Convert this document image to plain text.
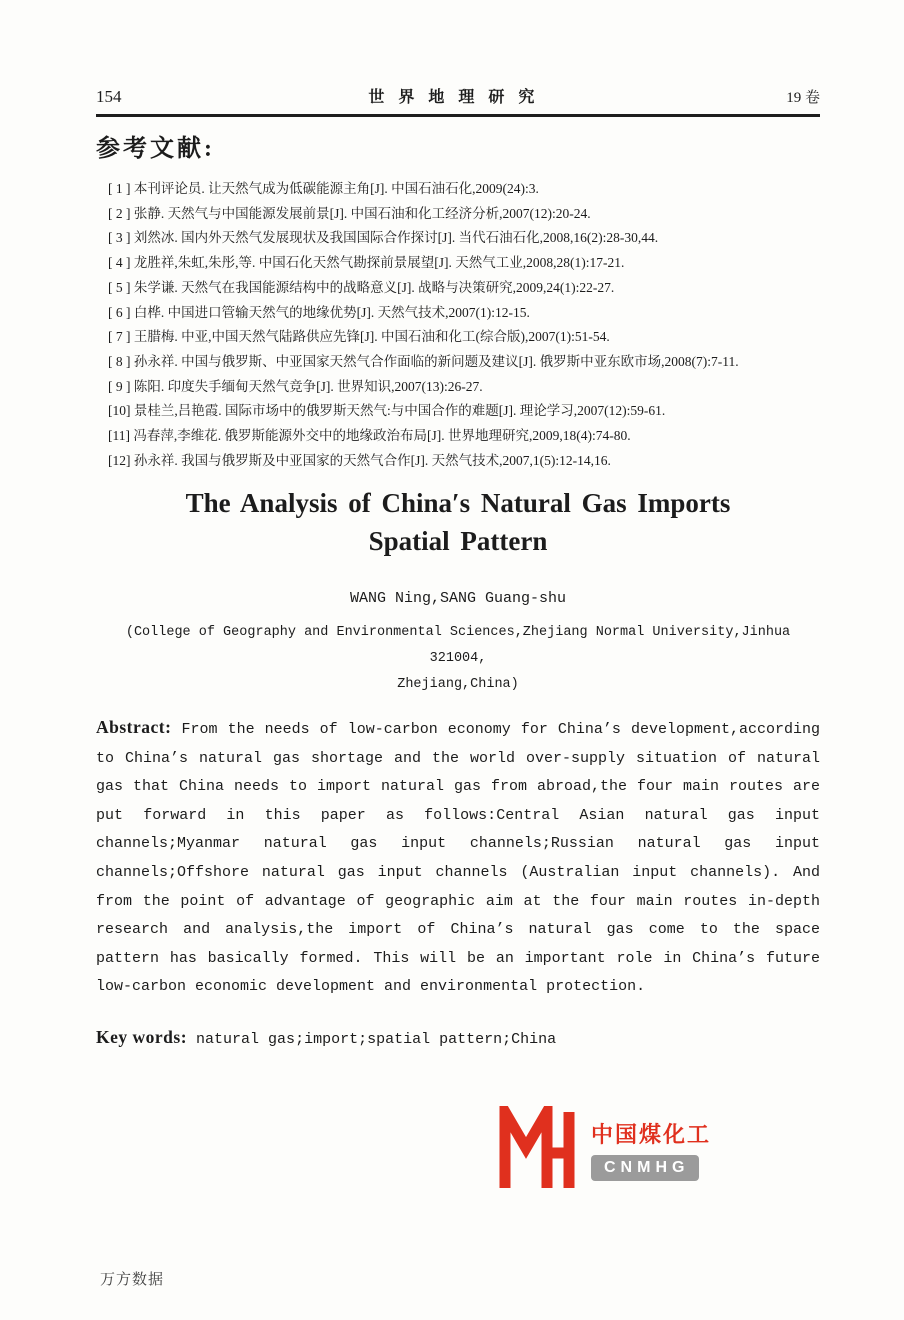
154	世 界 地 理 研 究	19 卷
参考文献:
[ 1 ] 本刊评论员. 让天然气成为低碳能源主角[J]. 中国石油石化,2009(24):3.
[ 2 ] 张静. 天然气与中国能源发展前景[J]. 中国石油和化工经济分析,2007(12):20-24.
[ 3 ] 刘然冰. 国内外天然气发展现状及我国国际合作探讨[J]. 当代石油石化,2008,16(2):28-30,44.
[ 4 ] 龙胜祥,朱虹,朱彤,等. 中国石化天然气勘探前景展望[J]. 天然气工业,2008,28(1):17-21.
[ 5 ] 朱学谦. 天然气在我国能源结构中的战略意义[J]. 战略与决策研究,2009,24(1):22-27.
[ 6 ] 白桦. 中国进口管输天然气的地缘优势[J]. 天然气技术,2007(1):12-15.
[ 7 ] 王腊梅. 中亚,中国天然气陆路供应先锋[J]. 中国石油和化工(综合版),2007(1):51-54.
[ 8 ] 孙永祥. 中国与俄罗斯、中亚国家天然气合作面临的新问题及建议[J]. 俄罗斯中亚东欧市场,2008(7):7-11.
[ 9 ] 陈阳. 印度失手缅甸天然气竞争[J]. 世界知识,2007(13):26-27.
[10] 景桂兰,吕艳霞. 国际市场中的俄罗斯天然气:与中国合作的难题[J]. 理论学习,2007(12):59-61.
[11] 冯春萍,李维花. 俄罗斯能源外交中的地缘政治布局[J]. 世界地理研究,2009,18(4):74-80.
[12] 孙永祥. 我国与俄罗斯及中亚国家的天然气合作[J]. 天然气技术,2007,1(5):12-14,16.
The Analysis of China′s Natural Gas Imports
Spatial Pattern
WANG Ning,SANG Guang-shu
(College of Geography and Environmental Sciences,Zhejiang Normal University,Jinhua 321004,
Zhejiang,China)

Abstract: From the needs of low-carbon economy for China’s development,according to China’s natural gas shortage and the world over-supply situation of natural gas that China needs to import natural gas from abroad,the four main routes are put forward in this paper as follows:Central Asian natural gas input channels;Myanmar natural gas input channels;Russian natural gas input channels;Offshore natural gas input channels (Australian input channels). And from the point of advantage of geographic aim at the four main routes in-depth research and analysis,the import of China’s natural gas come to the space pattern has basically formed. This will be an important role in China’s future low-carbon economic development and environmental protection.

Key words: natural gas;import;spatial pattern;China

中国煤化工
CNMHG
万方数据
